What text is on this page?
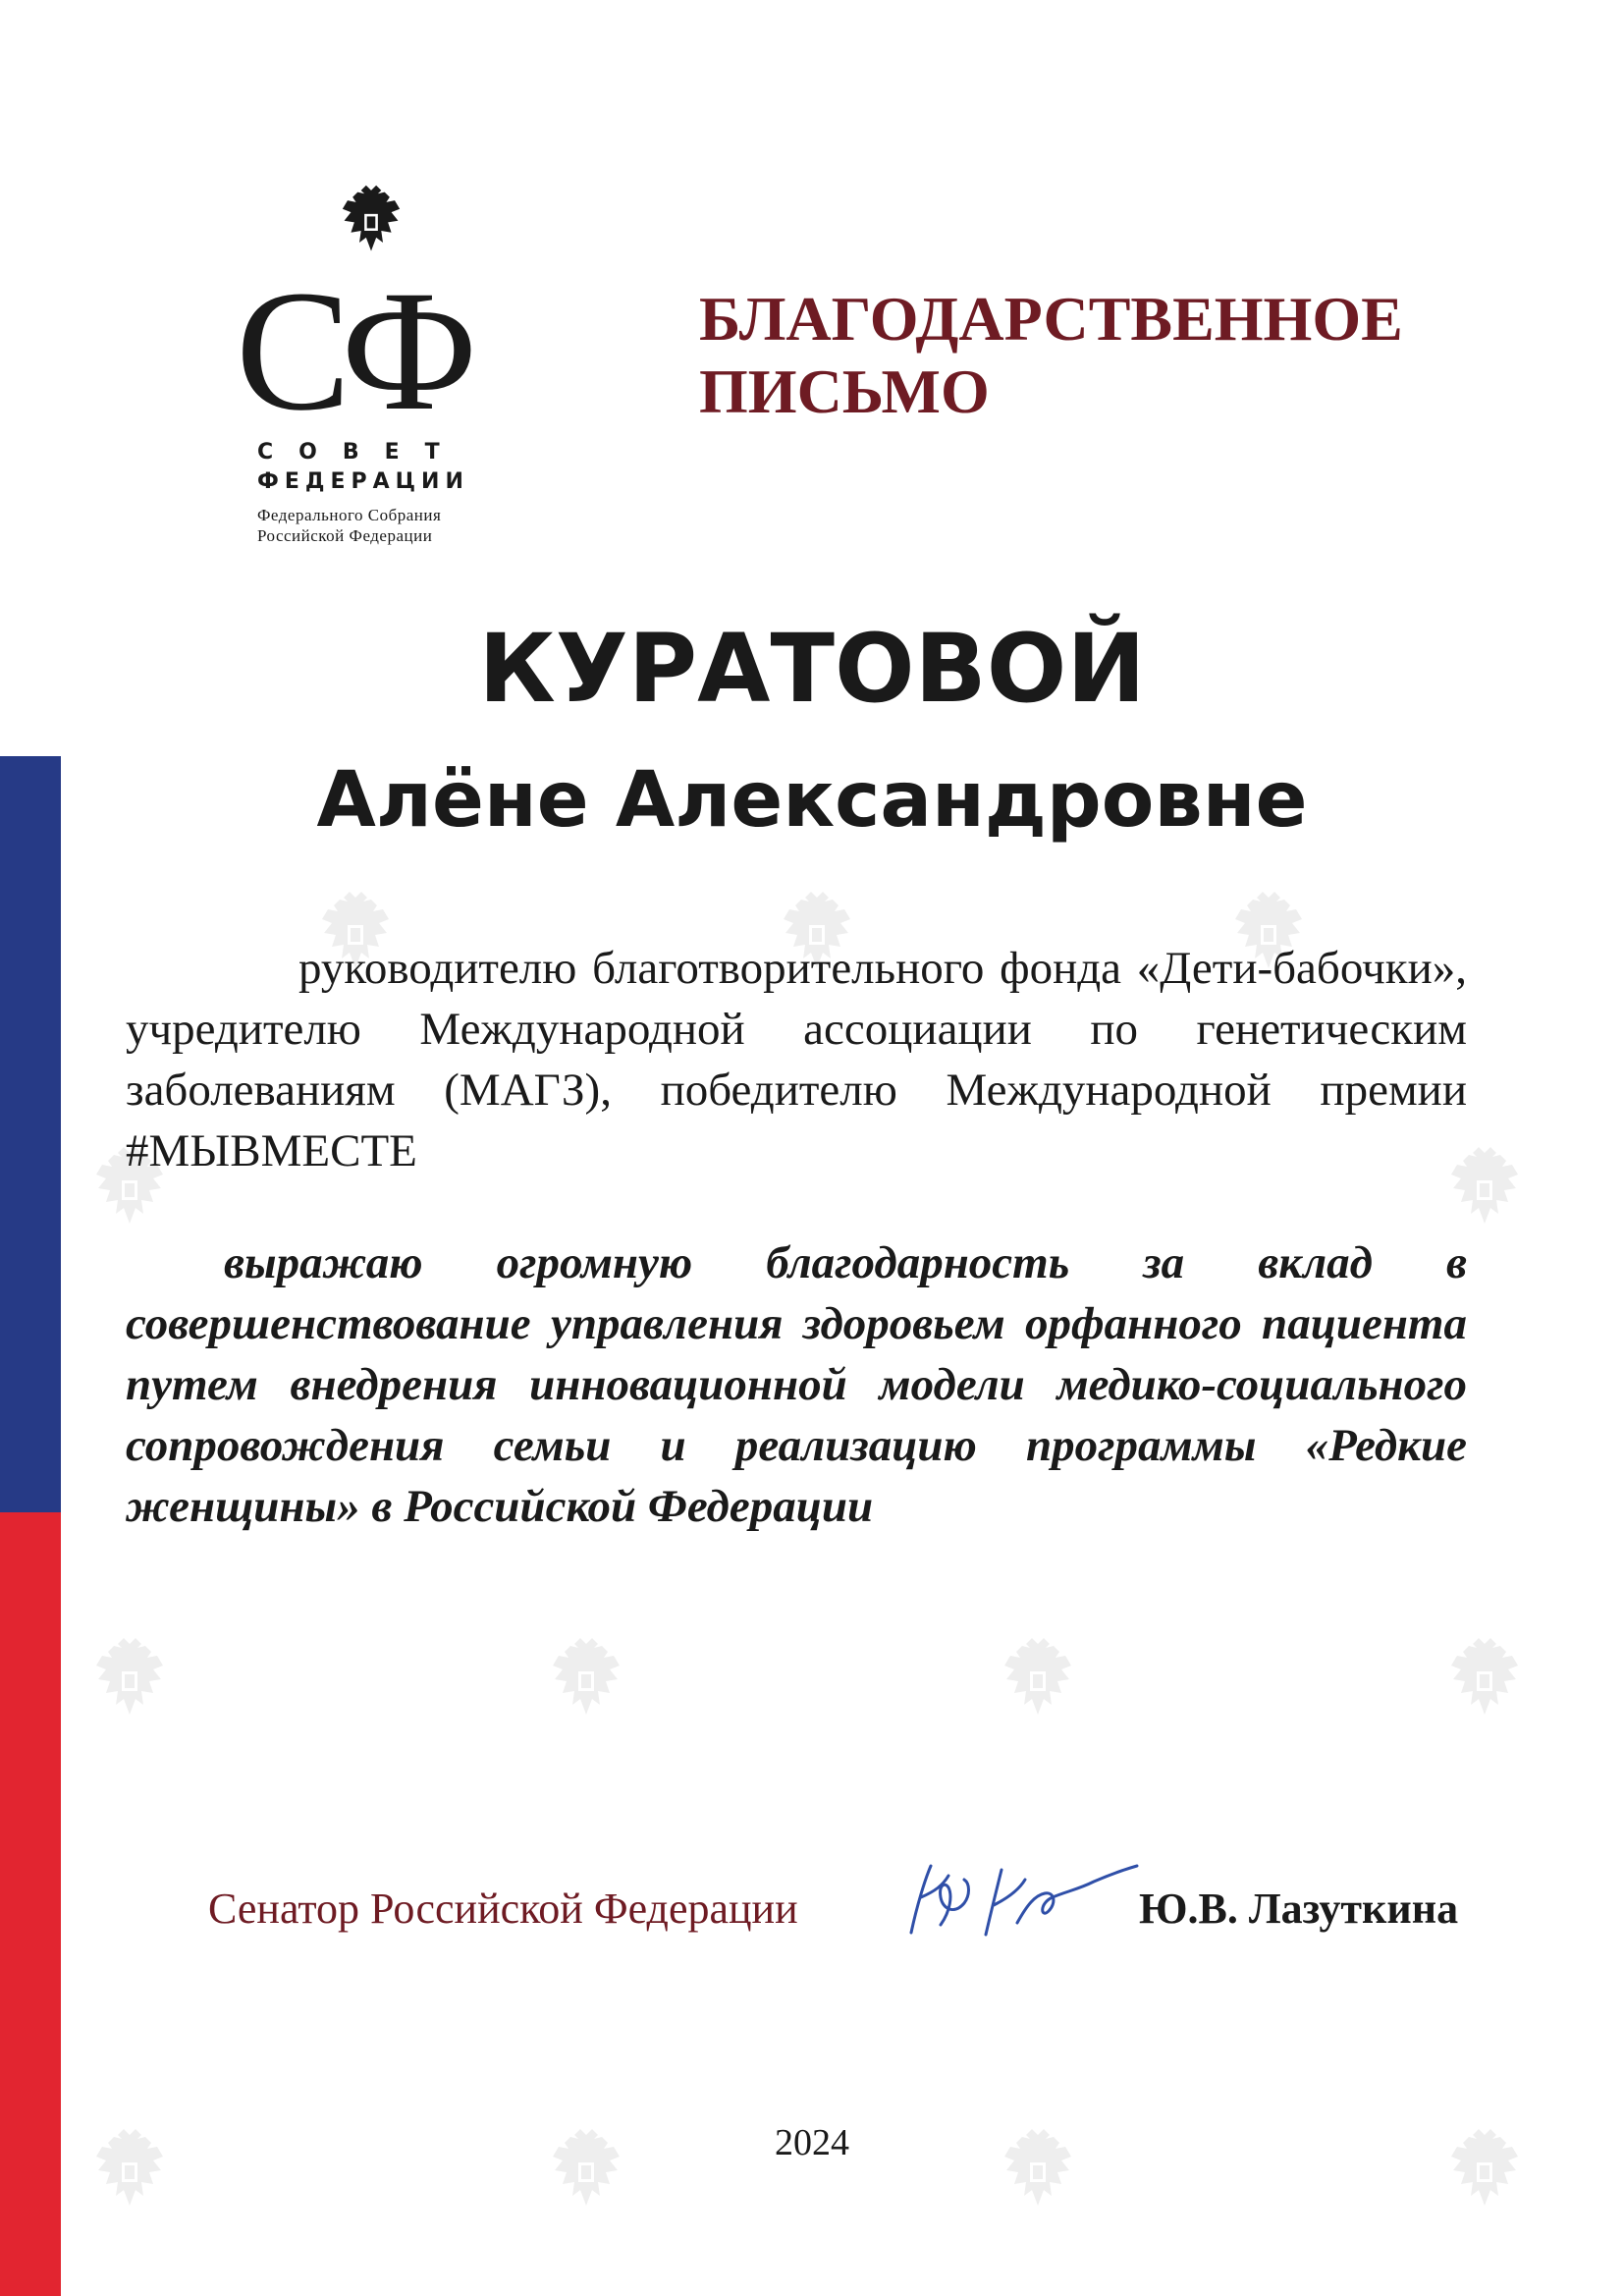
СФ
СОВЕТ
ФЕДЕРАЦИИ
Федерального Собрания
Российской Федерации
БЛАГОДАРСТВЕННОЕ
ПИСЬМО
КУРАТОВОЙ
Алёне Александровне
руководителю благотворительного фонда «Дети-бабочки», учредителю Международной ассоциации по генетическим заболеваниям (МАГЗ), победителю Международной премии #МЫВМЕСТЕ
выражаю огромную благодарность за вклад в совершенствование управления здоровьем орфанного пациента путем внедрения инновационной модели медико-социального сопровождения семьи и реализацию программы «Редкие женщины» в Российской Федерации
Сенатор Российской Федерации	Ю.В. Лазуткина
2024
